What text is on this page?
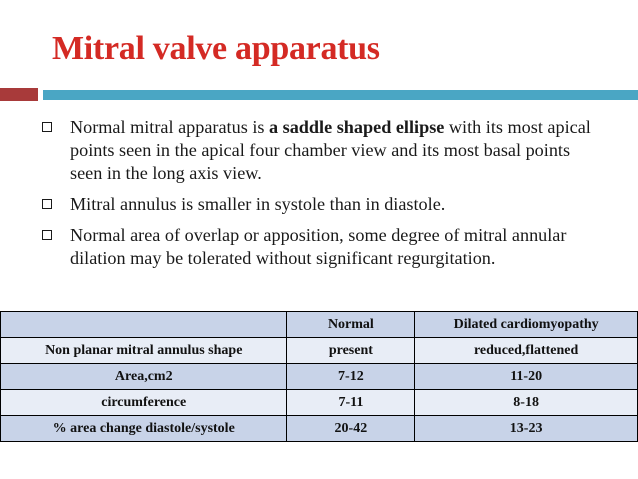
Mitral valve apparatus
Normal mitral apparatus is a saddle shaped ellipse with its most apical points seen in the apical four chamber view and its most basal points seen in the long axis view.
Mitral annulus is smaller in systole than in diastole.
Normal area of overlap or apposition, some degree of mitral annular dilation may be tolerated without significant regurgitation.
	Normal	Dilated cardiomyopathy
Non planar mitral annulus shape	present	reduced,flattened
Area,cm2	7-12	11-20
circumference	7-11	8-18
% area change diastole/systole	20-42	13-23
